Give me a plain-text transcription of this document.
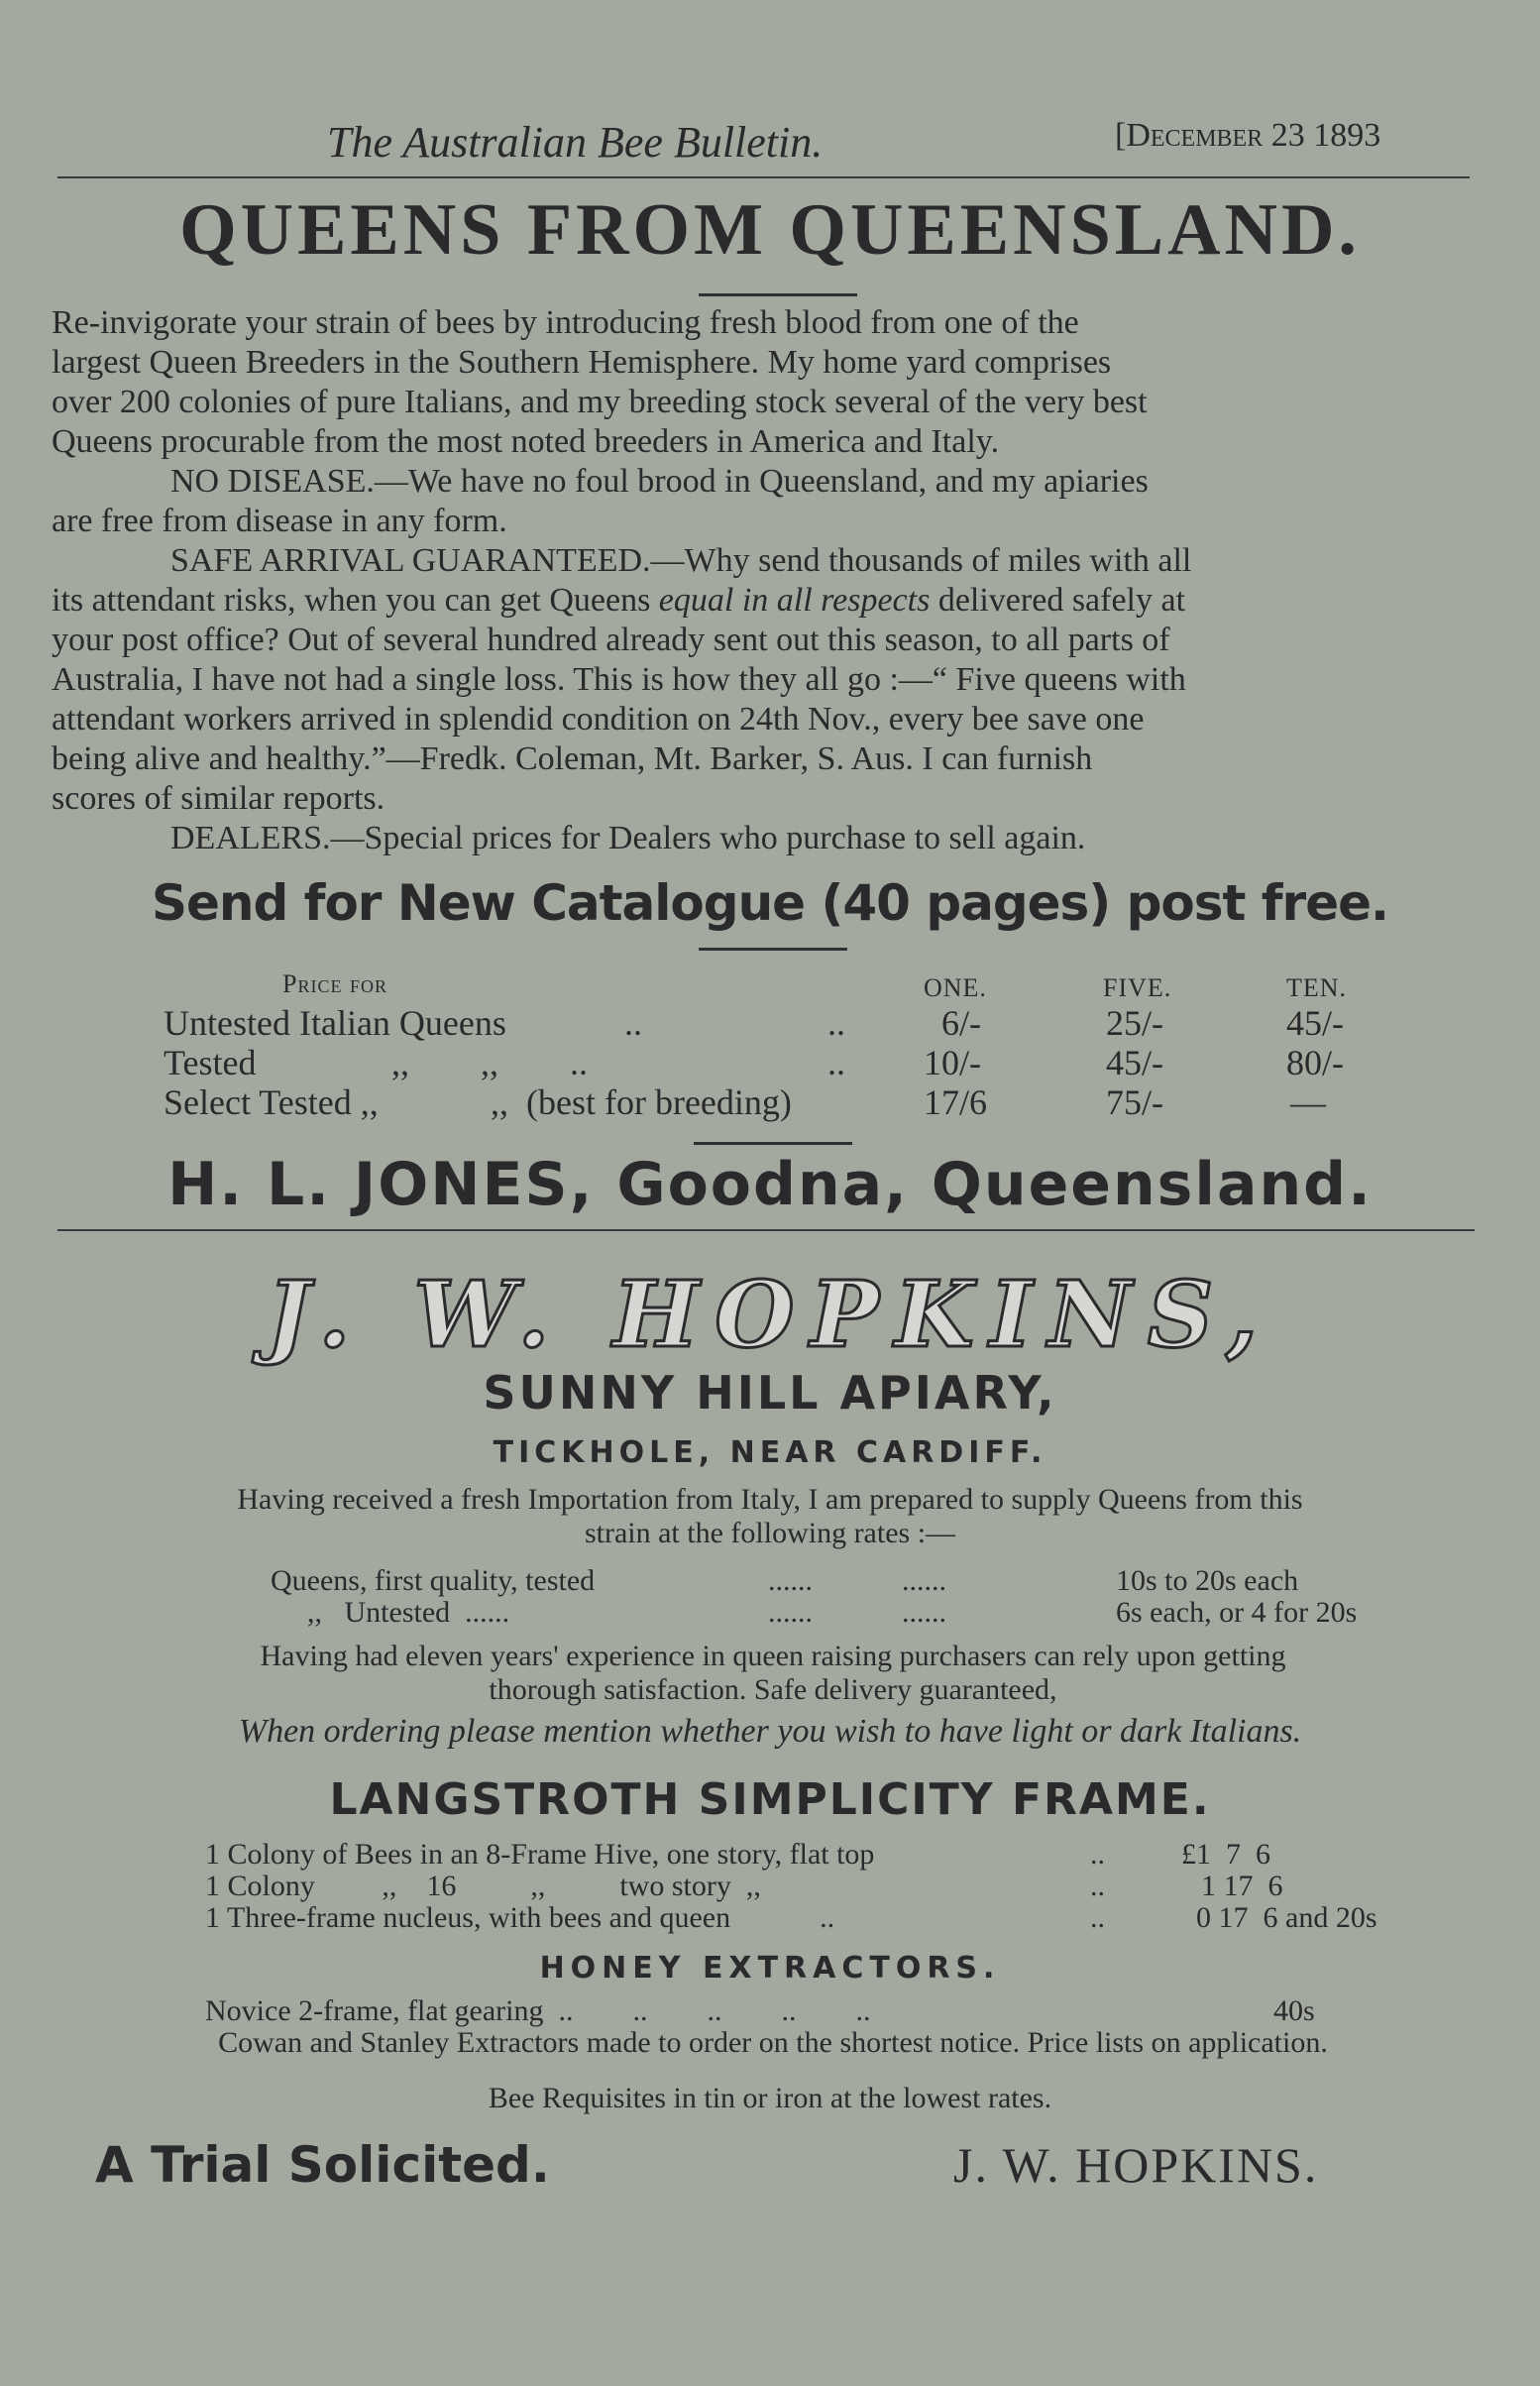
The Australian Bee Bulletin.	[December 23 1893
QUEENS FROM QUEENSLAND.
Re-invigorate your strain of bees by introducing fresh blood from one of the
largest Queen Breeders in the Southern Hemisphere. My home yard comprises
over 200 colonies of pure Italians, and my breeding stock several of the very best
Queens procurable from the most noted breeders in America and Italy.
NO DISEASE.—We have no foul brood in Queensland, and my apiaries
are free from disease in any form.
SAFE ARRIVAL GUARANTEED.—Why send thousands of miles with all
its attendant risks, when you can get Queens equal in all respects delivered safely at
your post office? Out of several hundred already sent out this season, to all parts of
Australia, I have not had a single loss. This is how they all go :—“ Five queens with
attendant workers arrived in splendid condition on 24th Nov., every bee save one
being alive and healthy.”—Fredk. Coleman, Mt. Barker, S. Aus. I can furnish
scores of similar reports.
DEALERS.—Special prices for Dealers who purchase to sell again.
Send for New Catalogue (40 pages) post free.
Price for	ONE.	FIVE.	TEN.
Untested Italian Queens	..	..	6/-	25/-	45/-
Tested	,,        ,,        ..	.. 10/-	45/-	80/-
Select Tested ,,	,,  (best for breeding)	17/6	75/-	—
H. L. JONES, Goodna, Queensland.
J. W. HOPKINS,
SUNNY HILL APIARY,
TICKHOLE, NEAR CARDIFF.
Having received a fresh Importation from Italy, I am prepared to supply Queens from this
strain at the following rates :—
Queens, first quality, tested	......            ......	10s to 20s each
,,   Untested  ......	......            ......	6s each, or 4 for 20s
Having had eleven years' experience in queen raising purchasers can rely upon getting
thorough satisfaction. Safe delivery guaranteed,
When ordering please mention whether you wish to have light or dark Italians.
LANGSTROTH SIMPLICITY FRAME.
1 Colony of Bees in an 8-Frame Hive, one story, flat top	..	£1  7  6
1 Colony         ,,    16          ,,          two story  ,,	..	1 17  6
1 Three-frame nucleus, with bees and queen            ..	..	0 17  6 and 20s
HONEY EXTRACTORS.
Novice 2-frame, flat gearing  ..        ..        ..        ..        ..	40s
Cowan and Stanley Extractors made to order on the shortest notice. Price lists on application.
Bee Requisites in tin or iron at the lowest rates.
A Trial Solicited.	J. W. HOPKINS.
